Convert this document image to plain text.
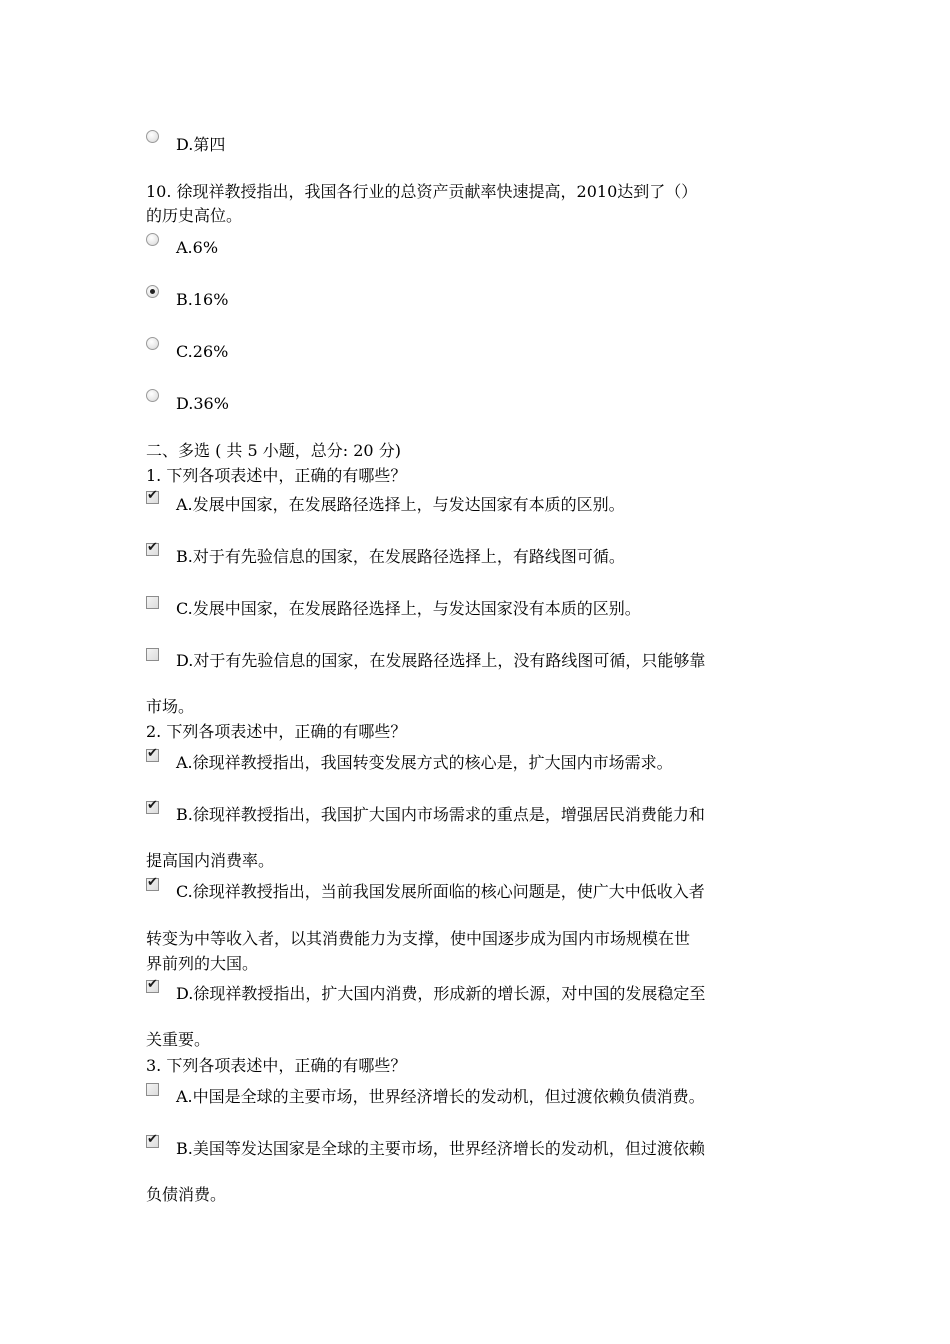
D.第四
10. 徐现祥教授指出，我国各行业的总资产贡献率快速提高，2010达到了（）
的历史高位。
A.6%
B.16%
C.26%
D.36%
二、多选 ( 共 5 小题，总分: 20 分)
1. 下列各项表述中，正确的有哪些？
✔
A.发展中国家，在发展路径选择上，与发达国家有本质的区别。
✔
B.对于有先验信息的国家，在发展路径选择上，有路线图可循。
C.发展中国家，在发展路径选择上，与发达国家没有本质的区别。
D.对于有先验信息的国家，在发展路径选择上，没有路线图可循，只能够靠
市场。
2. 下列各项表述中，正确的有哪些？
✔
A.徐现祥教授指出，我国转变发展方式的核心是，扩大国内市场需求。
✔
B.徐现祥教授指出，我国扩大国内市场需求的重点是，增强居民消费能力和
提高国内消费率。
✔
C.徐现祥教授指出，当前我国发展所面临的核心问题是，使广大中低收入者
转变为中等收入者，以其消费能力为支撑，使中国逐步成为国内市场规模在世
界前列的大国。
✔
D.徐现祥教授指出，扩大国内消费，形成新的增长源，对中国的发展稳定至
关重要。
3. 下列各项表述中，正确的有哪些？
A.中国是全球的主要市场，世界经济增长的发动机，但过渡依赖负债消费。
✔
B.美国等发达国家是全球的主要市场，世界经济增长的发动机，但过渡依赖
负债消费。
